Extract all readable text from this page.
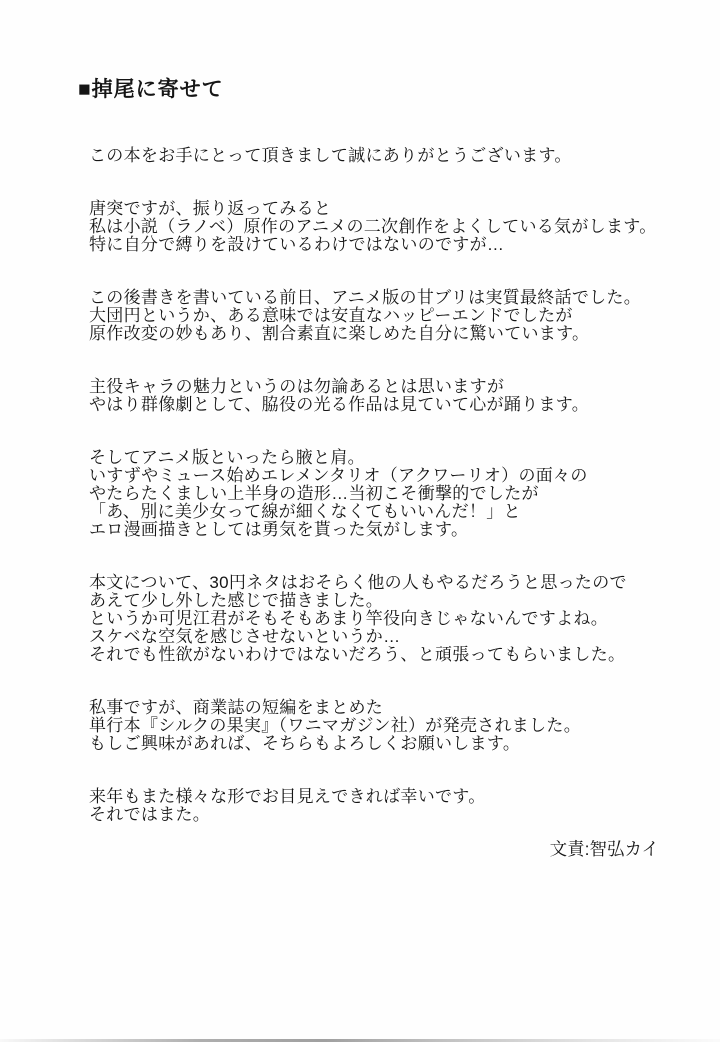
■掉尾に寄せて
この本をお手にとって頂きまして誠にありがとうございます。
唐突ですが、振り返ってみると
私は小説（ラノベ）原作のアニメの二次創作をよくしている気がします。
特に自分で縛りを設けているわけではないのですが…
この後書きを書いている前日、アニメ版の甘ブリは実質最終話でした。
大団円というか、ある意味では安直なハッピーエンドでしたが
原作改変の妙もあり、割合素直に楽しめた自分に驚いています。
主役キャラの魅力というのは勿論あるとは思いますが
やはり群像劇として、脇役の光る作品は見ていて心が踊ります。
そしてアニメ版といったら腋と肩。
いすずやミュース始めエレメンタリオ（アクワーリオ）の面々の
やたらたくましい上半身の造形…当初こそ衝撃的でしたが
「あ、別に美少女って線が細くなくてもいいんだ！」と
エロ漫画描きとしては勇気を貰った気がします。
本文について、30円ネタはおそらく他の人もやるだろうと思ったので
あえて少し外した感じで描きました。
というか可児江君がそもそもあまり竿役向きじゃないんですよね。
スケベな空気を感じさせないというか…
それでも性欲がないわけではないだろう、と頑張ってもらいました。
私事ですが、商業誌の短編をまとめた
単行本『シルクの果実』（ワニマガジン社）が発売されました。
もしご興味があれば、そちらもよろしくお願いします。
来年もまた様々な形でお目見えできれば幸いです。
それではまた。
文責:智弘カイ
